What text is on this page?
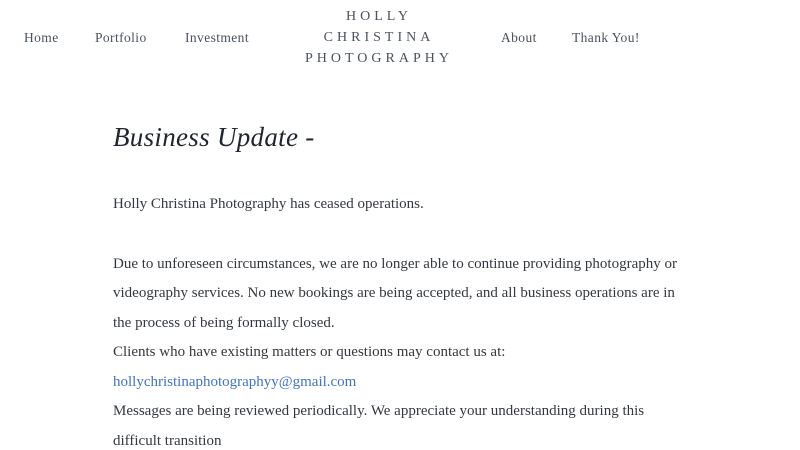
Home	Portfolio	Investment	About	Thank You!
HOLLY
CHRISTINA
PHOTOGRAPHY
Business Update -
Holly Christina Photography has ceased operations.
Due to unforeseen circumstances, we are no longer able to continue providing photography or
videography services. No new bookings are being accepted, and all business operations are in
the process of being formally closed.
Clients who have existing matters or questions may contact us at:
hollychristinaphotographyy@gmail.com
Messages are being reviewed periodically. We appreciate your understanding during this
difficult transition
